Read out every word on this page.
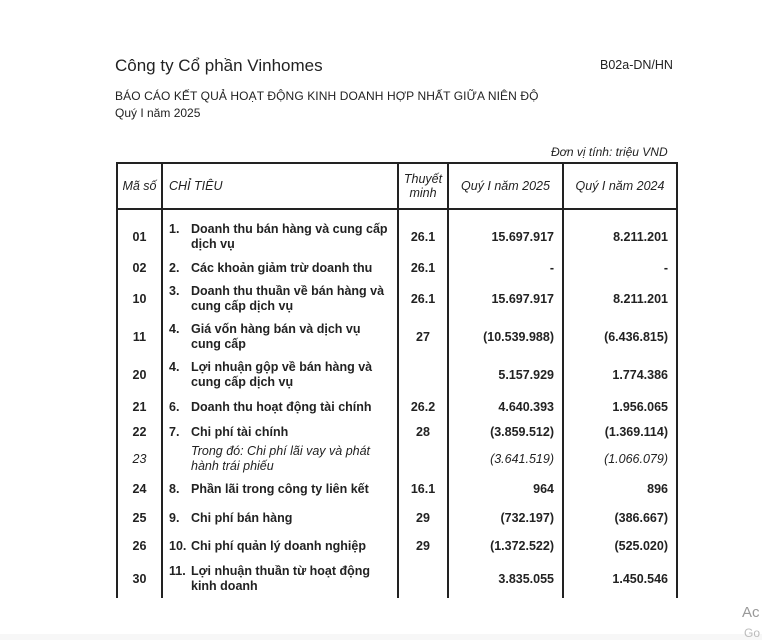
Công ty Cổ phần Vinhomes	B02a-DN/HN
BÁO CÁO KẾT QUẢ HOẠT ĐỘNG KINH DOANH HỢP NHẤT GIỮA NIÊN ĐỘ
Quý I năm 2025
Đơn vị tính: triệu VND
Mã số	CHỈ TIÊU	Thuyết minh	Quý I năm 2025	Quý I năm 2024

01	1. Doanh thu bán hàng và cung cấp dịch vụ	26.1	15.697.917	8.211.201
02	2. Các khoản giảm trừ doanh thu	26.1	-	-
10	3. Doanh thu thuần về bán hàng và cung cấp dịch vụ	26.1	15.697.917	8.211.201
11	4. Giá vốn hàng bán và dịch vụ cung cấp	27	(10.539.988)	(6.436.815)
20	4. Lợi nhuận gộp về bán hàng và cung cấp dịch vụ		5.157.929	1.774.386
21	6. Doanh thu hoạt động tài chính	26.2	4.640.393	1.956.065
22	7. Chi phí tài chính	28	(3.859.512)	(1.369.114)
23	Trong đó: Chi phí lãi vay và phát hành trái phiếu		(3.641.519)	(1.066.079)
24	8. Phần lãi trong công ty liên kết	16.1	964	896
25	9. Chi phí bán hàng	29	(732.197)	(386.667)
26	10. Chi phí quản lý doanh nghiệp	29	(1.372.522)	(525.020)
30	11. Lợi nhuận thuần từ hoạt động kinh doanh		3.835.055	1.450.546
Ac
Go
